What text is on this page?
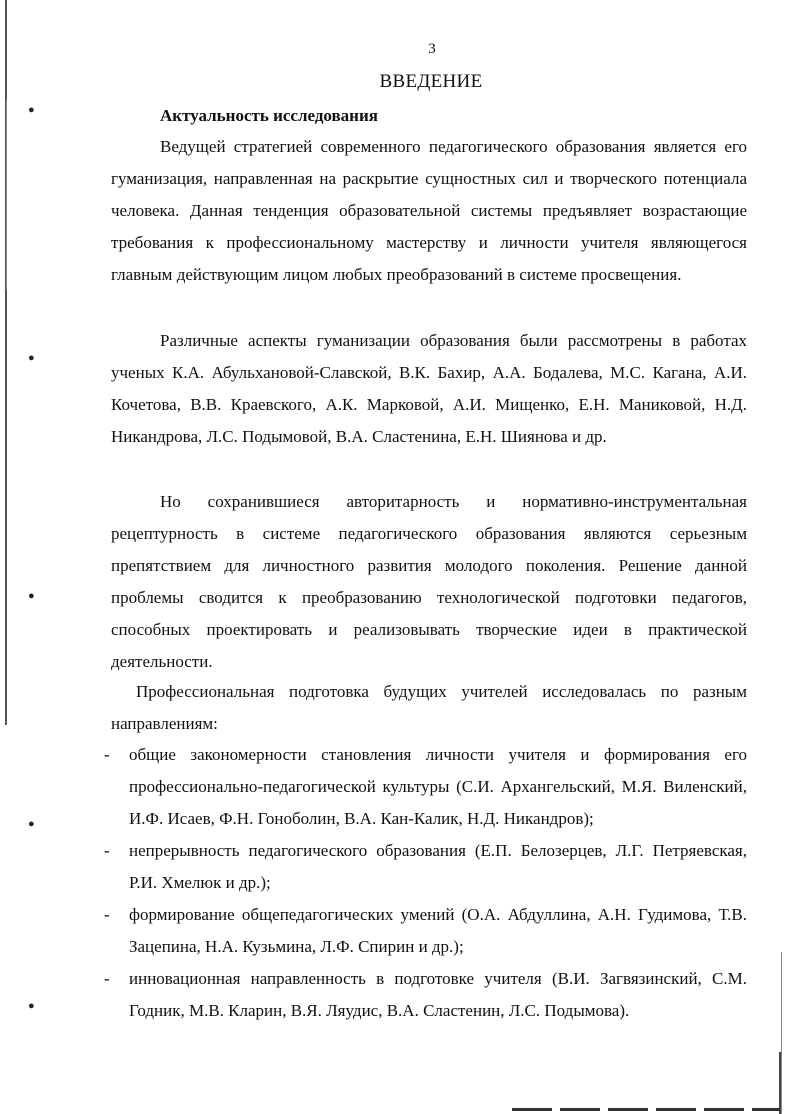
●
●
●
●
●
3
ВВЕДЕНИЕ
Актуальность исследования
Ведущей стратегией современного педагогического образования является его гуманизация, направленная на раскрытие сущностных сил и творческого потенциала человека. Данная тенденция образовательной системы предъявляет возрастающие требования к профессиональному мастерству и личности учителя являющегося главным действующим лицом любых преобразований в системе просвещения.
Различные аспекты гуманизации образования были рассмотрены в работах ученых К.А. Абульхановой-Славской, В.К. Бахир, А.А. Бодалева, М.С. Кагана, А.И. Кочетова, В.В. Краевского, А.К. Марковой, А.И. Мищенко, Е.Н. Маниковой, Н.Д. Никандрова, Л.С. Подымовой, В.А. Сластенина, Е.Н. Шиянова и др.
Но сохранившиеся авторитарность и нормативно-инструментальная рецептурность в системе педагогического образования являются серьезным препятствием для личностного развития молодого поколения. Решение данной проблемы сводится к преобразованию технологической подготовки педагогов, способных проектировать и реализовывать творческие идеи в практической деятельности.
Профессиональная подготовка будущих учителей исследовалась по разным направлениям:
-	общие закономерности становления личности учителя и формирования его профессионально-педагогической культуры (С.И. Архангельский, М.Я. Виленский, И.Ф. Исаев, Ф.Н. Гоноболин, В.А. Кан-Калик, Н.Д. Никандров);
-	непрерывность педагогического образования (Е.П. Белозерцев, Л.Г. Петряевская, Р.И. Хмелюк и др.);
-	формирование общепедагогических умений (О.А. Абдуллина, А.Н. Гудимова, Т.В. Зацепина, Н.А. Кузьмина, Л.Ф. Спирин и др.);
-	инновационная направленность в подготовке учителя (В.И. Загвязинский, С.М. Годник, М.В. Кларин, В.Я. Ляудис, В.А. Сластенин, Л.С. Подымова).
